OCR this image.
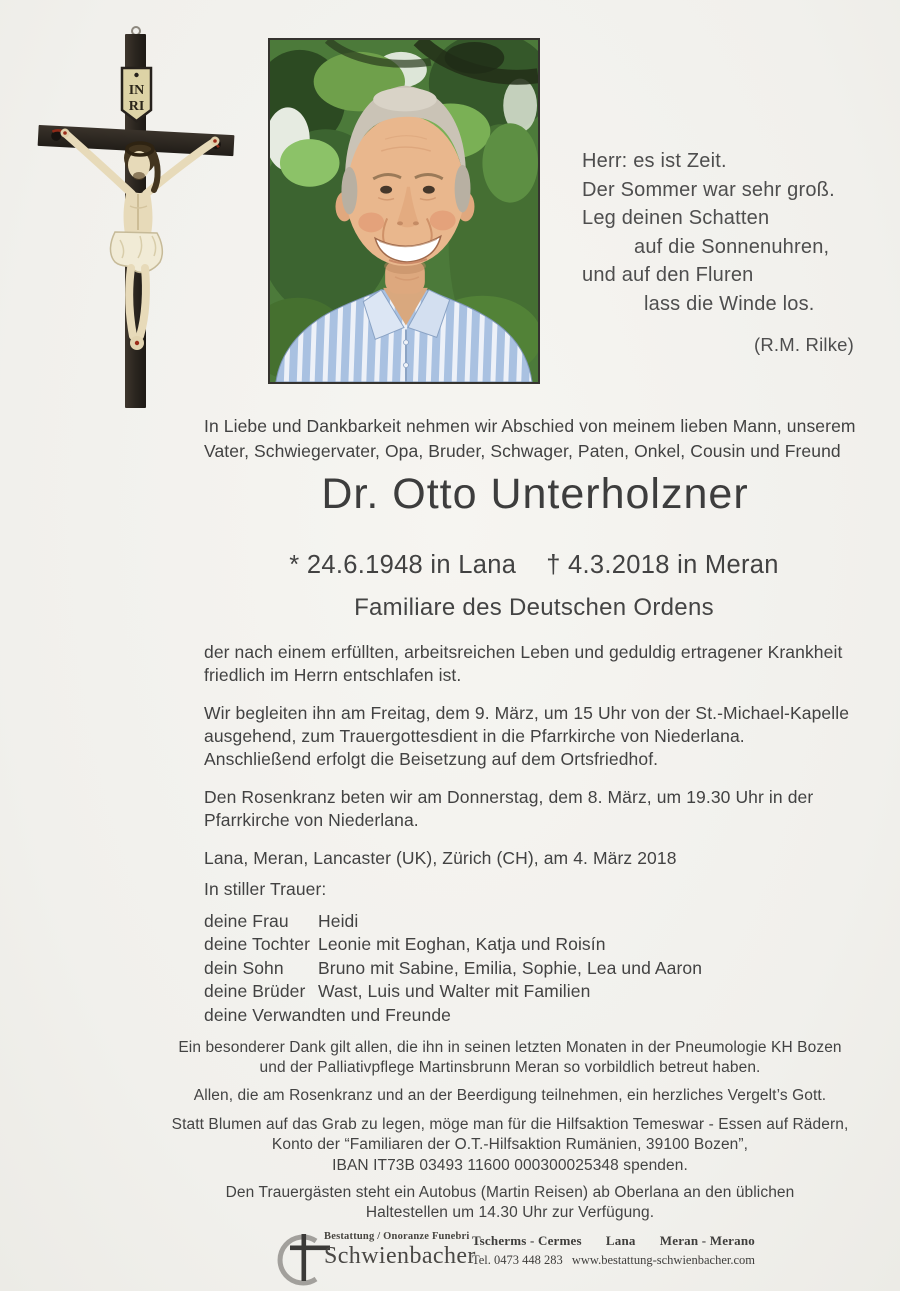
IN
RI
Herr: es ist Zeit.
Der Sommer war sehr groß.
Leg deinen Schatten
auf die Sonnenuhren,
und auf den Fluren
lass die Winde los.
(R.M. Rilke)
In Liebe und Dankbarkeit nehmen wir Abschied von meinem lieben Mann, unserem
Vater, Schwiegervater, Opa, Bruder, Schwager, Paten, Onkel, Cousin und Freund
Dr. Otto Unterholzner
* 24.6.1948 in Lana † 4.3.2018 in Meran
Familiare des Deutschen Ordens
der nach einem erfüllten, arbeitsreichen Leben und geduldig ertragener Krankheit
friedlich im Herrn entschlafen ist.
Wir begleiten ihn am Freitag, dem 9. März, um 15 Uhr von der St.-Michael-Kapelle
ausgehend, zum Trauergottesdient in die Pfarrkirche von Niederlana.
Anschließend erfolgt die Beisetzung auf dem Ortsfriedhof.
Den Rosenkranz beten wir am Donnerstag, dem 8. März, um 19.30 Uhr in der
Pfarrkirche von Niederlana.
Lana, Meran, Lancaster (UK), Zürich (CH), am 4. März 2018
In stiller Trauer:
deine Frau	Heidi
deine Tochter Leonie mit Eoghan, Katja und Roisín
dein Sohn	Bruno mit Sabine, Emilia, Sophie, Lea und Aaron
deine Brüder Wast, Luis und Walter mit Familien
deine Verwandten und Freunde
Ein besonderer Dank gilt allen, die ihn in seinen letzten Monaten in der Pneumologie KH Bozen
und der Palliativpflege Martinsbrunn Meran so vorbildlich betreut haben.
Allen, die am Rosenkranz und an der Beerdigung teilnehmen, ein herzliches Vergelt’s Gott.
Statt Blumen auf das Grab zu legen, möge man für die Hilfsaktion Temeswar - Essen auf Rädern,
Konto der “Familiaren der O.T.-Hilfsaktion Rumänien, 39100 Bozen”,
IBAN IT73B 03493 11600 000300025348 spenden.
Den Trauergästen steht ein Autobus (Martin Reisen) ab Oberlana an den üblichen
Haltestellen um 14.30 Uhr zur Verfügung.
Bestattung / Onoranze Funebri
Schwienbacher
Tscherms - Cermes Lana Meran - Merano
Tel. 0473 448 283 www.bestattung-schwienbacher.com
